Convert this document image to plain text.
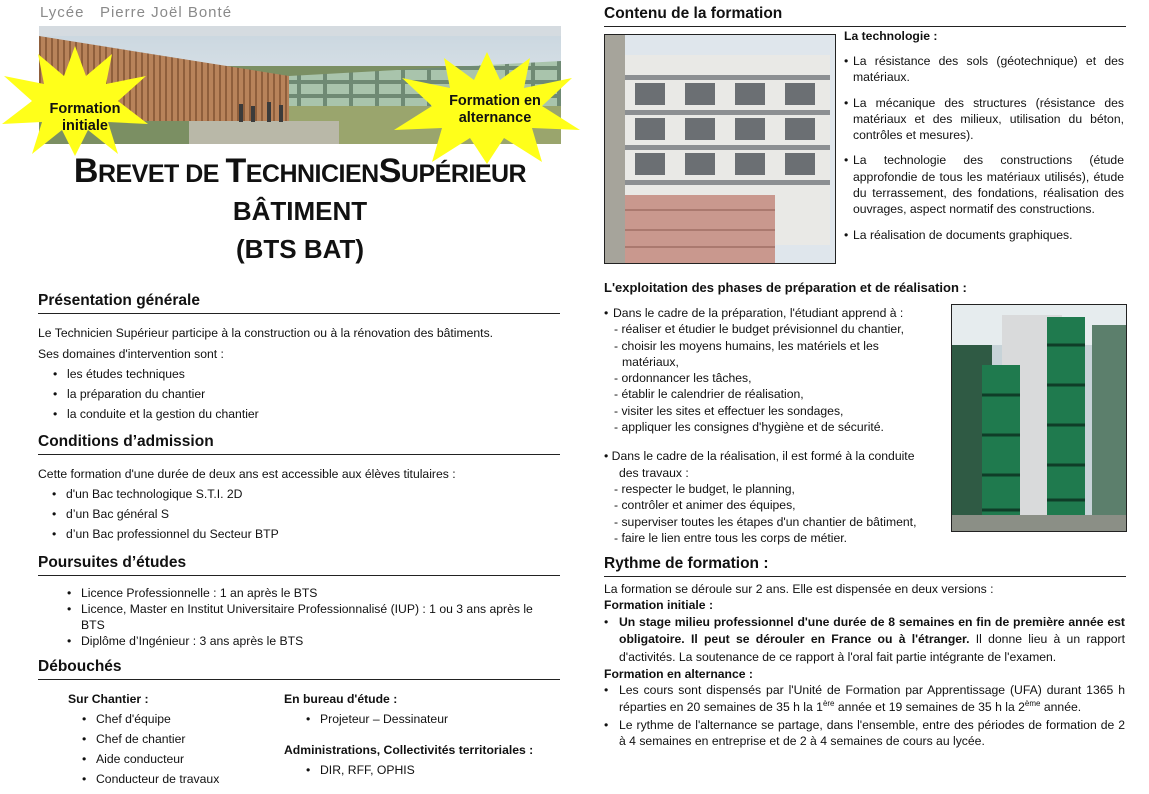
Lycée   Pierre Joël Bonté
Formation initiale
Formation en alternance
BREVET DE TECHNICIENSUPÉRIEUR
BÂTIMENT
(BTS BAT)
Présentation générale
Le Technicien Supérieur participe à la construction ou à la rénovation des bâtiments.
Ses domaines d'intervention sont :
• les études techniques
• la préparation du chantier
• la conduite et la gestion du chantier
Conditions d’admission
Cette formation d'une durée de deux ans est accessible aux élèves titulaires :
• d'un Bac technologique S.T.I. 2D
• d’un Bac général S
• d’un Bac professionnel du Secteur BTP
Poursuites d’études
• Licence Professionnelle : 1 an après le BTS
• Licence, Master en Institut Universitaire Professionnalisé (IUP) : 1 ou 3 ans après le BTS
• Diplôme d’Ingénieur : 3 ans après le BTS
Débouchés
Sur Chantier :
• Chef d'équipe
• Chef de chantier
• Aide conducteur
• Conducteur de travaux
En bureau d'étude :
• Projeteur – Dessinateur
Administrations, Collectivités territoriales :
• DIR, RFF, OPHIS
Contenu de la formation
La technologie :
• La résistance des sols (géotechnique) et des matériaux.
• La mécanique des structures (résistance des matériaux et des milieux, utilisation du béton, contrôles et mesures).
• La technologie des constructions (étude approfondie de tous les matériaux utilisés), étude du terrassement, des fondations, réalisation des ouvrages, aspect normatif des constructions.
• La réalisation de documents graphiques.
L'exploitation des phases de préparation et de réalisation :
• Dans le cadre de la préparation, l'étudiant apprend à :
- réaliser et étudier le budget prévisionnel du chantier,
- choisir les moyens humains, les matériels et les matériaux,
- ordonnancer les tâches,
- établir le calendrier de réalisation,
- visiter les sites et effectuer les sondages,
- appliquer les consignes d'hygiène et de sécurité.
• Dans le cadre de la réalisation, il est formé à la conduite des travaux :
- respecter le budget, le planning,
- contrôler et animer des équipes,
- superviser toutes les étapes d'un chantier de bâtiment,
- faire le lien entre tous les corps de métier.
Rythme de formation :
La formation se déroule sur 2 ans. Elle est dispensée en deux versions :
Formation initiale :
• Un stage milieu professionnel d'une durée de 8 semaines en fin de première année est obligatoire. Il peut se dérouler en France ou à l'étranger. Il donne lieu à un rapport d'activités. La soutenance de ce rapport à l'oral fait partie intégrante de l'examen.
Formation en alternance :
• Les cours sont dispensés par l'Unité de Formation par Apprentissage (UFA) durant 1365 h réparties en 20 semaines de 35 h la 1ère année et 19 semaines de 35 h la 2ème année.
• Le rythme de l'alternance se partage, dans l'ensemble, entre des périodes de formation de 2 à 4 semaines en entreprise et de 2 à 4 semaines de cours au lycée.
